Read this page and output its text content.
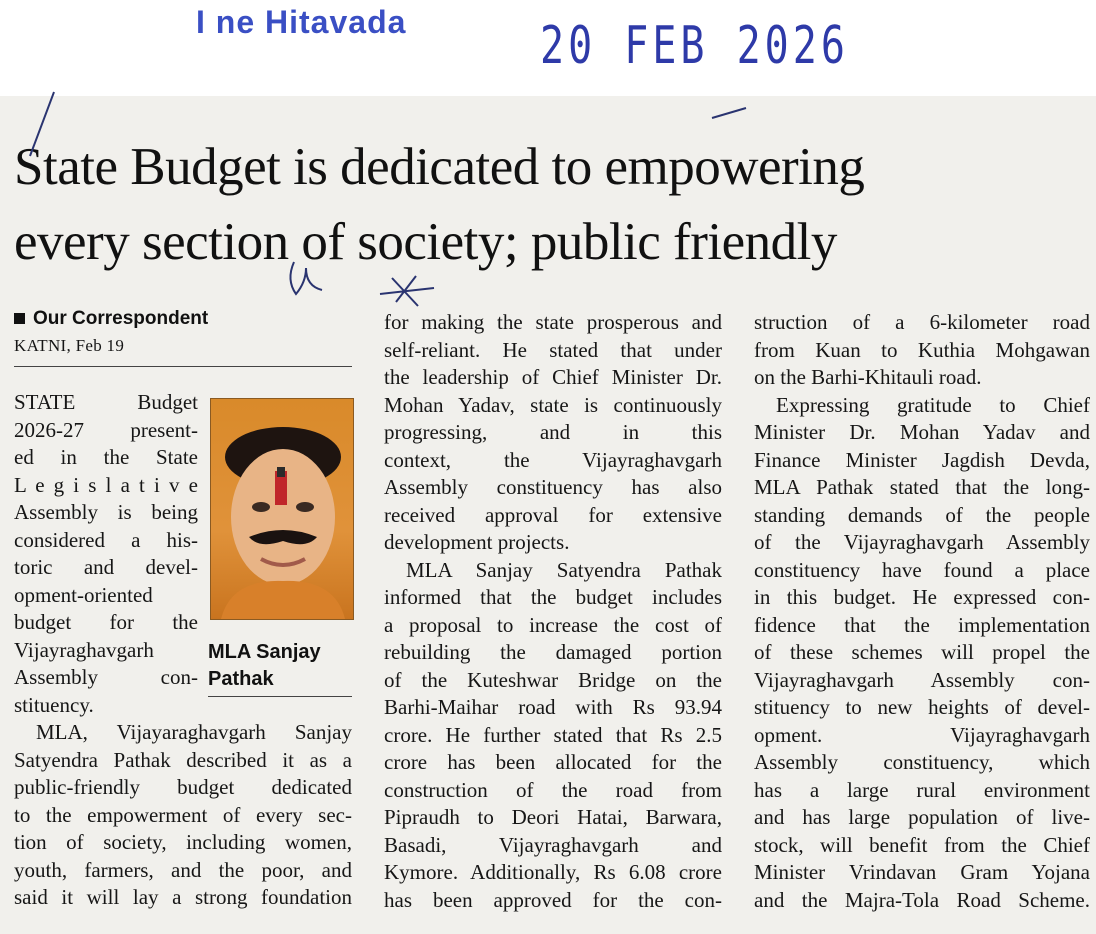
I ne Hitavada	20 FEB 2026
State Budget is dedicated to empowering
every section of society; public friendly
Our Correspondent
KATNI, Feb 19
MLA Sanjay
Pathak

STATE Budget
2026-27 present-
ed in the State
L e g i s l a t i v e
Assembly is being
considered a his-
toric and devel-
opment-oriented
budget for the
Vijayraghavgarh
Assembly con-
stituency.

MLA, Vijayaraghavgarh Sanjay
Satyendra Pathak described it as a
public-friendly budget dedicated
to the empowerment of every sec-
tion of society, including women,
youth, farmers, and the poor, and
said it will lay a strong foundation

for making the state prosperous and
self-reliant. He stated that under
the leadership of Chief Minister Dr.
Mohan Yadav, state is continuously
progressing, and in this
context, the Vijayraghavgarh
Assembly constituency has also
received approval for extensive
development projects.

MLA Sanjay Satyendra Pathak
informed that the budget includes
a proposal to increase the cost of
rebuilding the damaged portion
of the Kuteshwar Bridge on the
Barhi-Maihar road with Rs 93.94
crore. He further stated that Rs 2.5
crore has been allocated for the
construction of the road from
Pipraudh to Deori Hatai, Barwara,
Basadi, Vijayraghavgarh and
Kymore. Additionally, Rs 6.08 crore
has been approved for the con-

struction of a 6-kilometer road
from Kuan to Kuthia Mohgawan
on the Barhi-Khitauli road.

Expressing gratitude to Chief
Minister Dr. Mohan Yadav and
Finance Minister Jagdish Devda,
MLA Pathak stated that the long-
standing demands of the people
of the Vijayraghavgarh Assembly
constituency have found a place
in this budget. He expressed con-
fidence that the implementation
of these schemes will propel the
Vijayraghavgarh Assembly con-
stituency to new heights of devel-
opment. Vijayraghavgarh
Assembly constituency, which
has a large rural environment
and has large population of live-
stock, will benefit from the Chief
Minister Vrindavan Gram Yojana
and the Majra-Tola Road Scheme.
